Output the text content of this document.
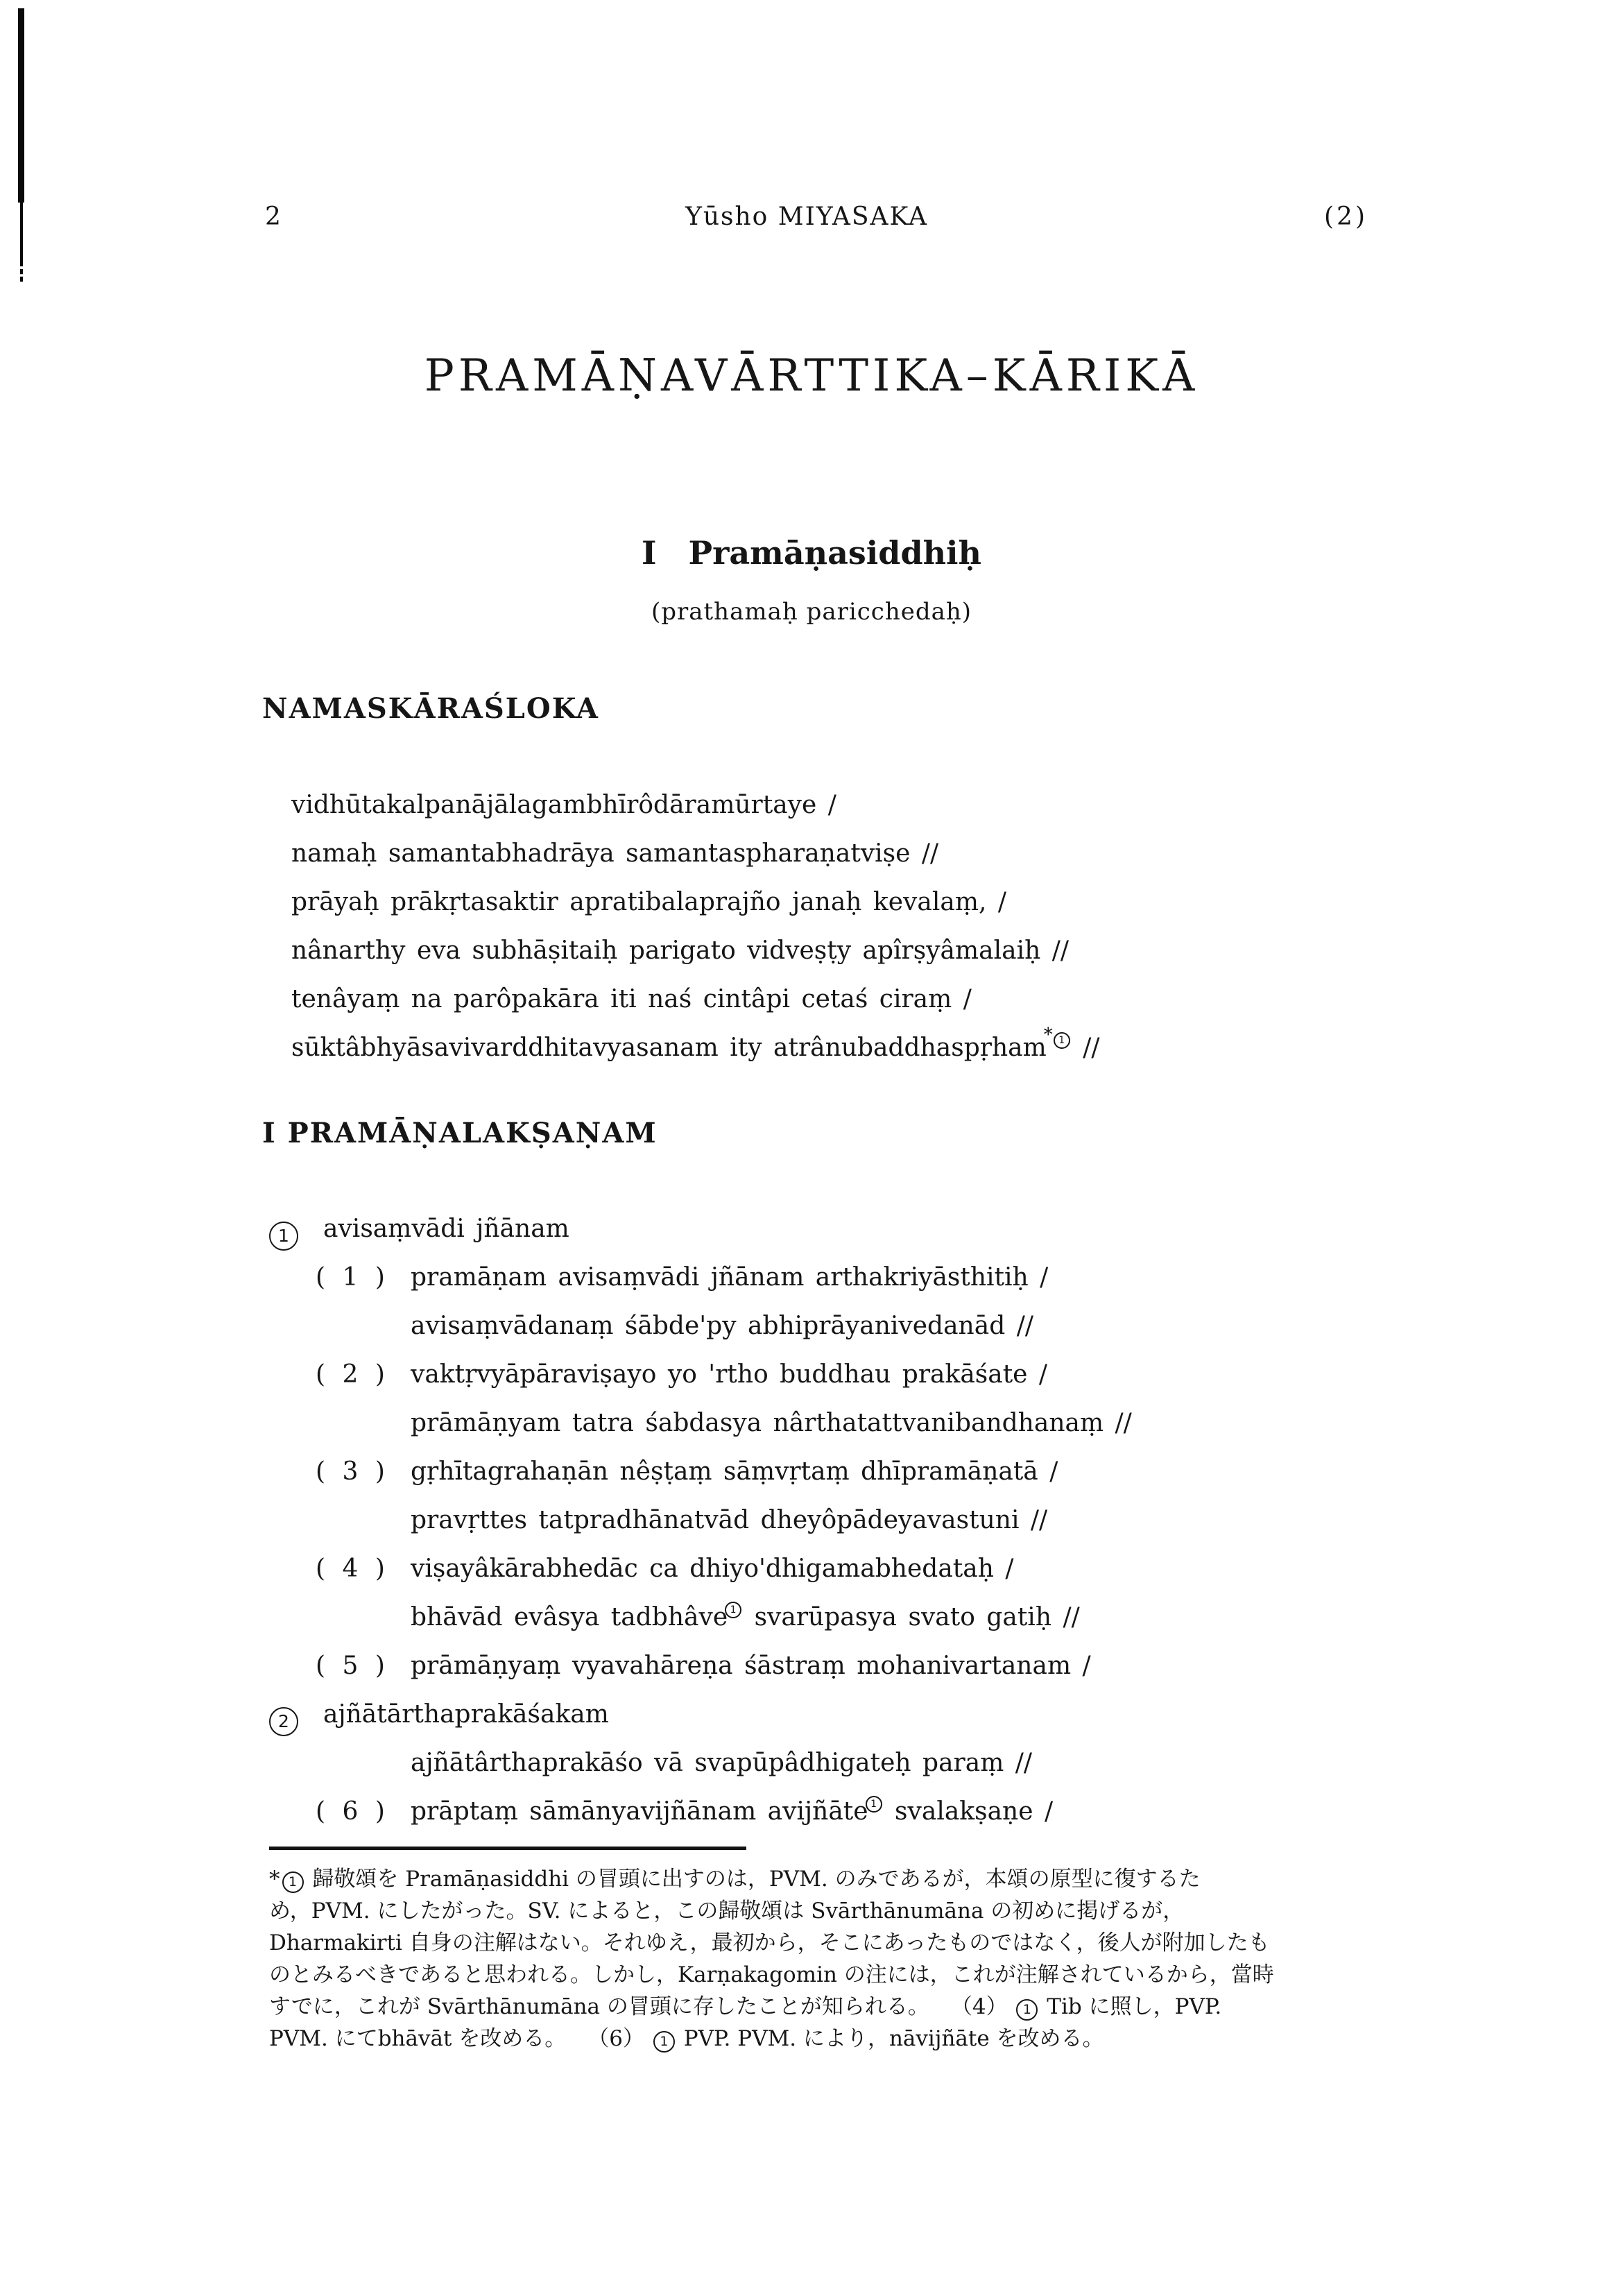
2	Yūsho MIYASAKA	(2)
PRAMĀṆAVĀRTTIKA–KĀRIKĀ
I Pramāṇasiddhiḥ
(prathamaḥ paricchedaḥ)
NAMASKĀRAŚLOKA
vidhūtakalpanājālagambhīrôdāramūrtaye /
namaḥ samantabhadrāya samantaspharaṇatviṣe //
prāyaḥ prākṛtasaktir apratibalaprajño janaḥ kevalaṃ, /
nânarthy eva subhāṣitaiḥ parigato vidveṣṭy apîrṣyâmalaiḥ //
tenâyaṃ na parôpakāra iti naś cintâpi cetaś ciraṃ /
sūktâbhyāsavivarddhitavyasanam ity atrânubaddhaspṛham* 1 //
I PRAMĀṆALAKṢAṆAM
1 avisaṃvādi jñānam
( 1 ) pramāṇam avisaṃvādi jñānam arthakriyāsthitiḥ /
avisaṃvādanaṃ śābde'py abhiprāyanivedanād //
( 2 ) vaktṛvyāpāraviṣayo yo 'rtho buddhau prakāśate /
prāmāṇyam tatra śabdasya nârthatattvanibandhanaṃ //
( 3 ) gṛhītagrahaṇān nêṣṭaṃ sāṃvṛtaṃ dhīpramāṇatā /
pravṛttes tatpradhānatvād dheyôpādeyavastuni //
( 4 ) viṣayâkārabhedāc ca dhiyo'dhigamabhedataḥ /
bhāvād evâsya tadbhâve 1 svarūpasya svato gatiḥ //
( 5 ) prāmāṇyaṃ vyavahāreṇa śāstraṃ mohanivartanam /
2 ajñātārthaprakāśakam
ajñātârthaprakāśo vā svapūpâdhigateḥ paraṃ //
( 6 ) prāptaṃ sāmānyavijñānam avijñāte 1 svalakṣaṇe /
* 1 歸敬頌を Pramāṇasiddhi の冒頭に出すのは，PVM. のみであるが，本頌の原型に復するた
め，PVM. にしたがった。SV. によると，この歸敬頌は Svārthānumāna の初めに掲げるが，
Dharmakirti 自身の注解はない。それゆえ，最初から，そこにあったものではなく，後人が附加したも
のとみるべきであると思われる。しかし，Karṇakagomin の注には，これが注解されているから，當時
すでに，これが Svārthānumāna の冒頭に存したことが知られる。　　（4） 1 Tib に照し，PVP.
PVM. にてbhāvāt を改める。　　（6） 1 PVP. PVM. により，nāvijñāte を改める。
